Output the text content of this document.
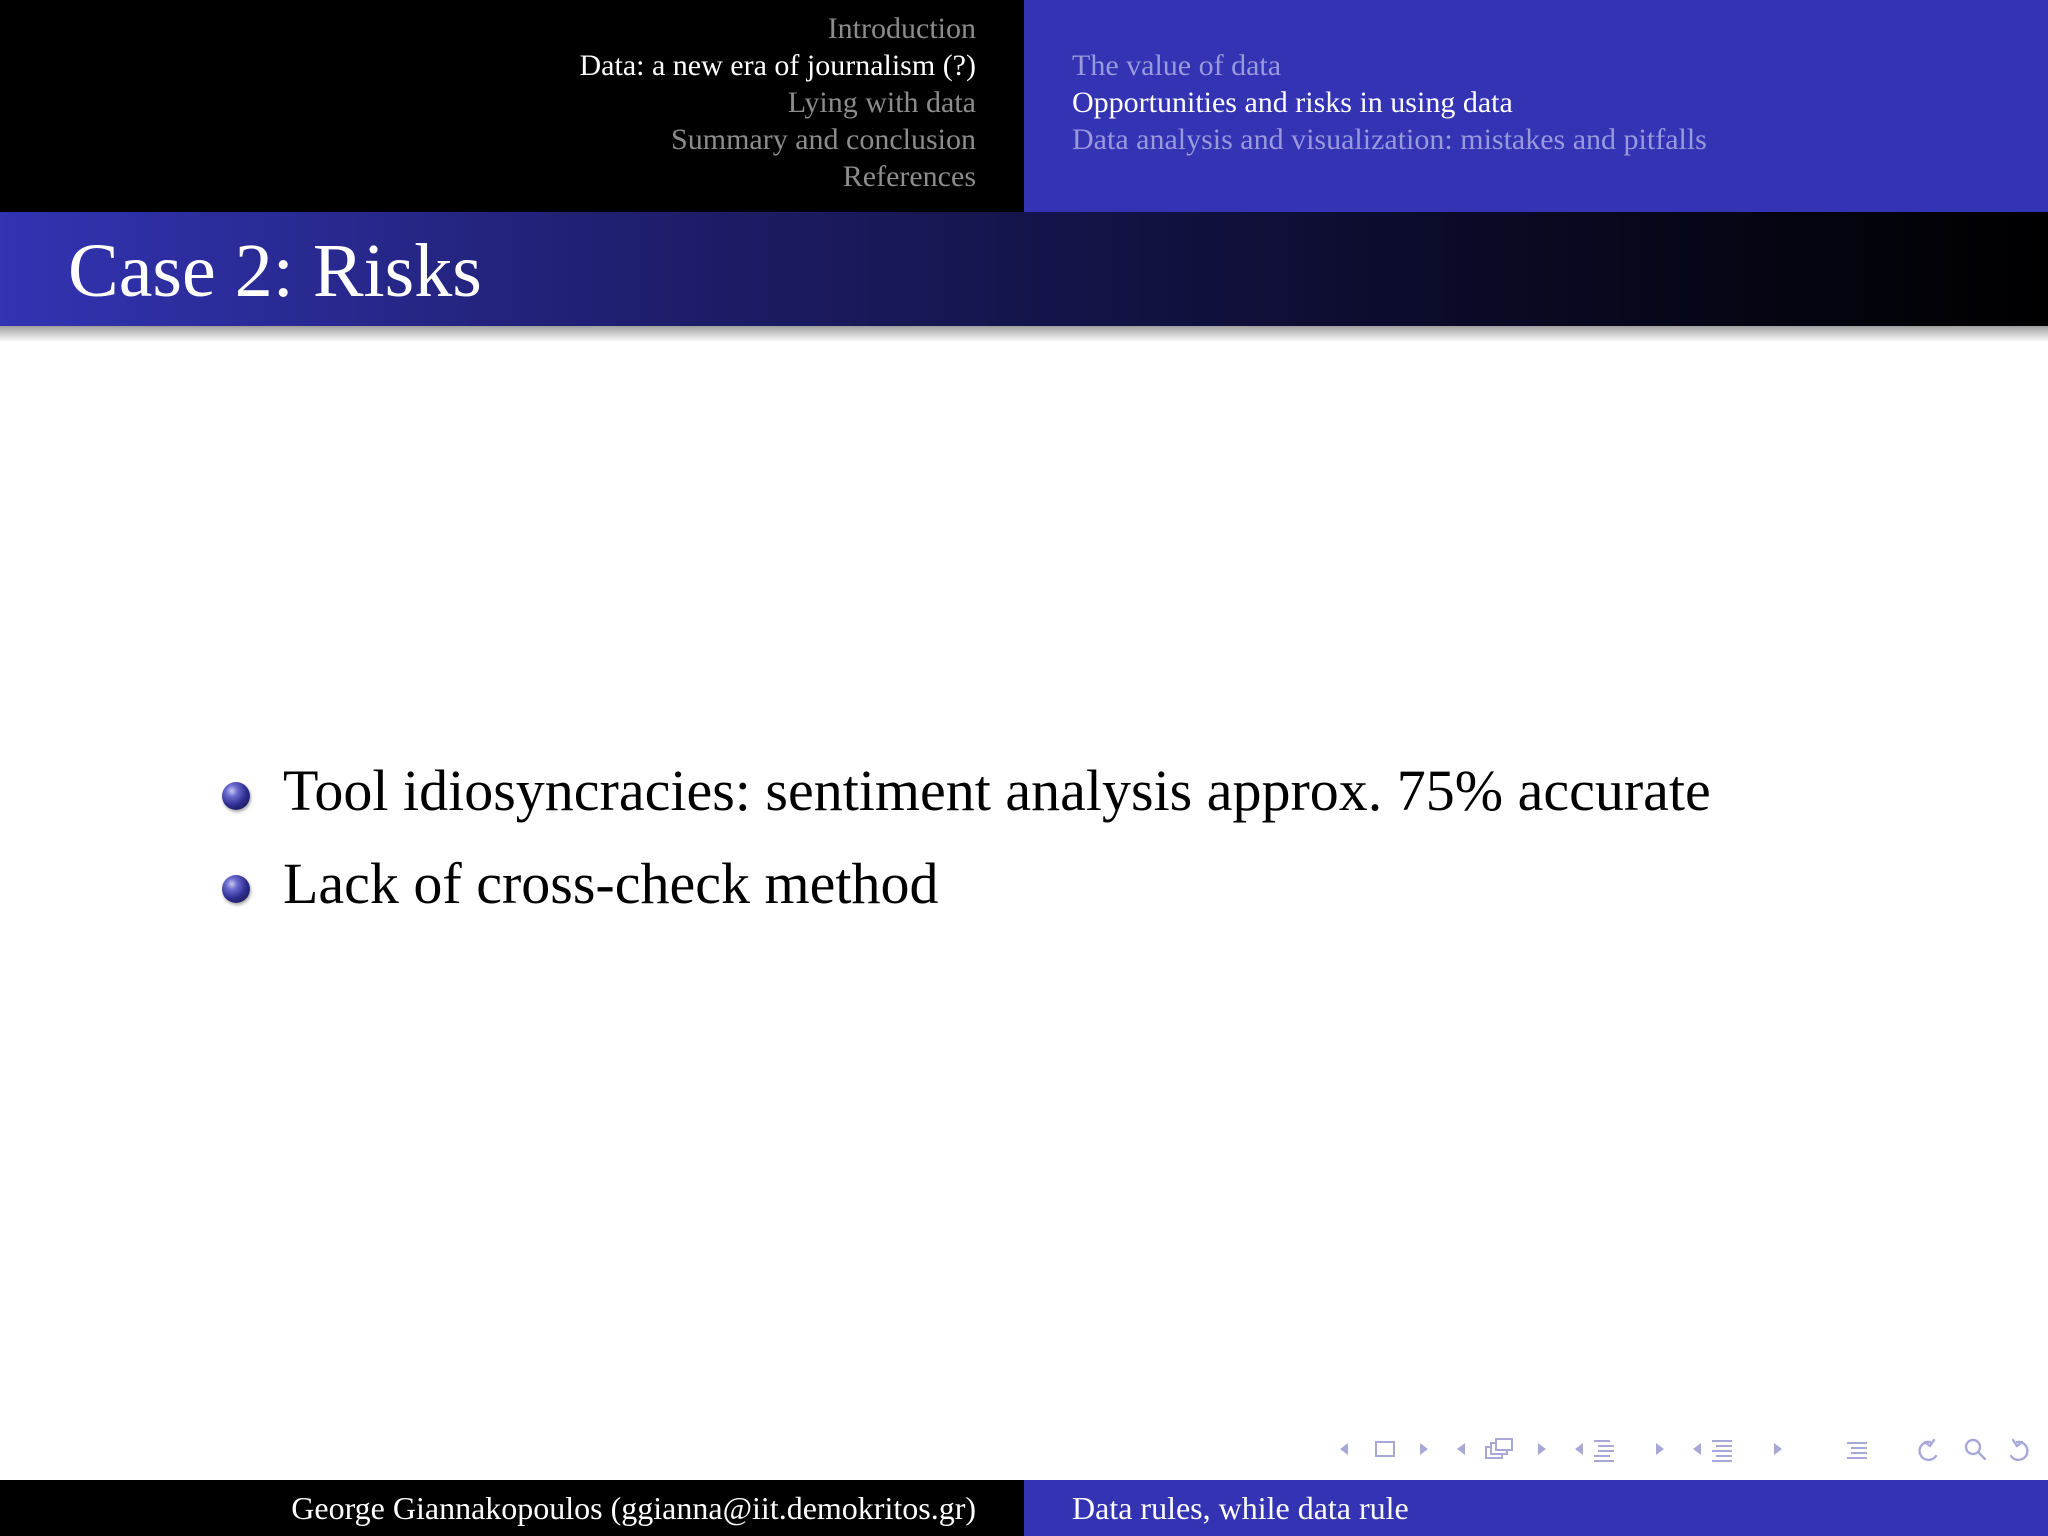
Introduction
Data: a new era of journalism (?)
Lying with data
Summary and conclusion
References
The value of data
Opportunities and risks in using data
Data analysis and visualization: mistakes and pitfalls
Case 2: Risks
Tool idiosyncracies: sentiment analysis approx. 75% accurate
Lack of cross-check method
George Giannakopoulos (ggianna@iit.demokritos.gr)	Data rules, while data rule
